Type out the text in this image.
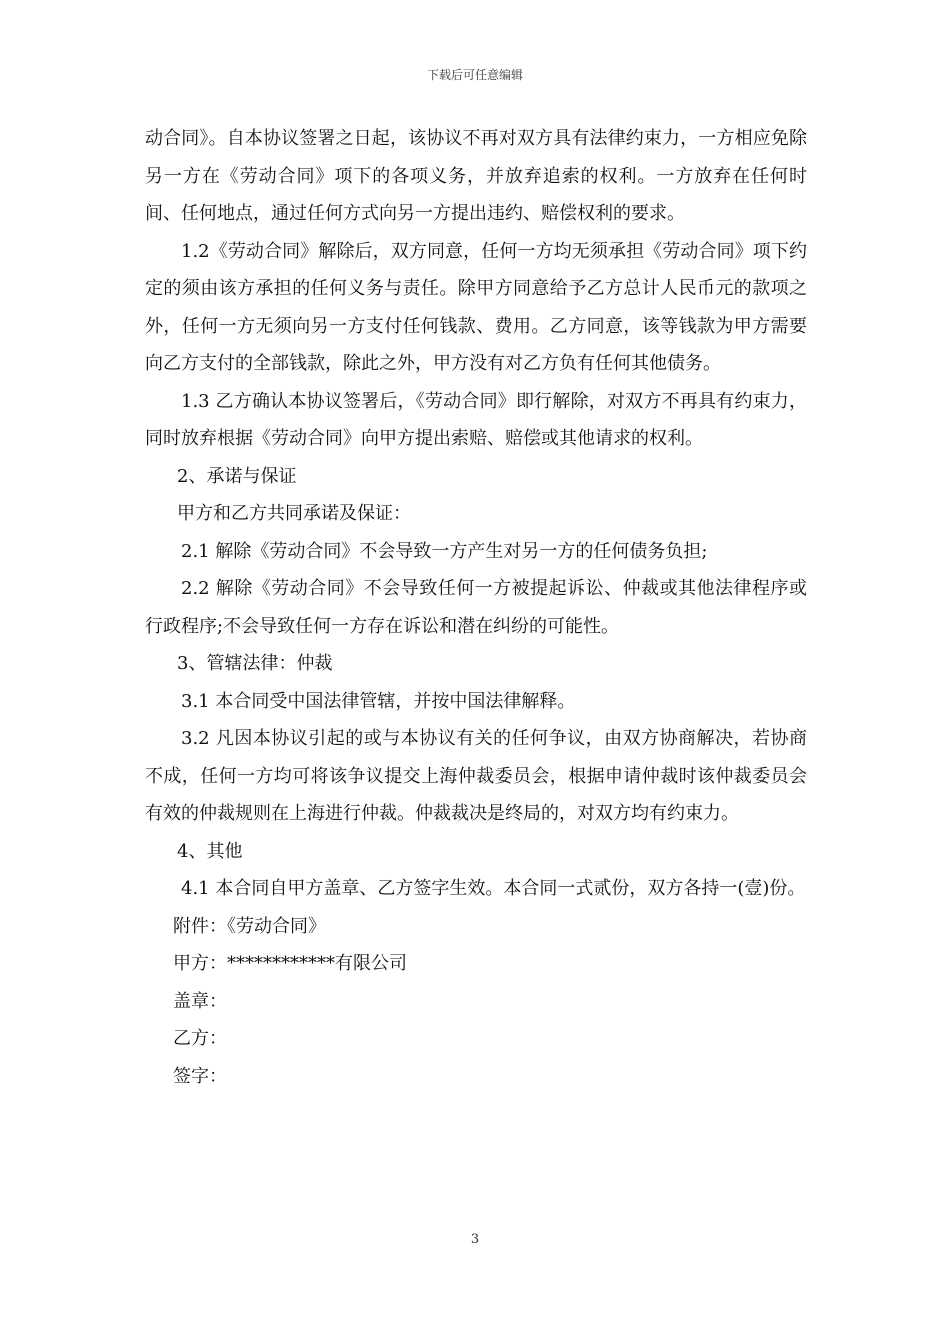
下载后可任意编辑

动合同》。自本协议签署之日起，该协议不再对双方具有法律约束力，一方相应免除另一方在《劳动合同》项下的各项义务，并放弃追索的权利。一方放弃在任何时间、任何地点，通过任何方式向另一方提出违约、赔偿权利的要求。

1.2《劳动合同》解除后，双方同意，任何一方均无须承担《劳动合同》项下约定的须由该方承担的任何义务与责任。除甲方同意给予乙方总计人民币元的款项之外，任何一方无须向另一方支付任何钱款、费用。乙方同意，该等钱款为甲方需要向乙方支付的全部钱款，除此之外，甲方没有对乙方负有任何其他债务。

1.3 乙方确认本协议签署后，《劳动合同》即行解除，对双方不再具有约束力，同时放弃根据《劳动合同》向甲方提出索赔、赔偿或其他请求的权利。

2、承诺与保证

甲方和乙方共同承诺及保证：

2.1 解除《劳动合同》不会导致一方产生对另一方的任何债务负担;

2.2 解除《劳动合同》不会导致任何一方被提起诉讼、仲裁或其他法律程序或行政程序;不会导致任何一方存在诉讼和潜在纠纷的可能性。

3、管辖法律：仲裁

3.1 本合同受中国法律管辖，并按中国法律解释。

3.2 凡因本协议引起的或与本协议有关的任何争议，由双方协商解决，若协商不成，任何一方均可将该争议提交上海仲裁委员会，根据申请仲裁时该仲裁委员会有效的仲裁规则在上海进行仲裁。仲裁裁决是终局的，对双方均有约束力。

4、其他

4.1 本合同自甲方盖章、乙方签字生效。本合同一式贰份，双方各持一(壹)份。

附件：《劳动合同》

甲方：************有限公司

盖章：

乙方：

签字：

3
